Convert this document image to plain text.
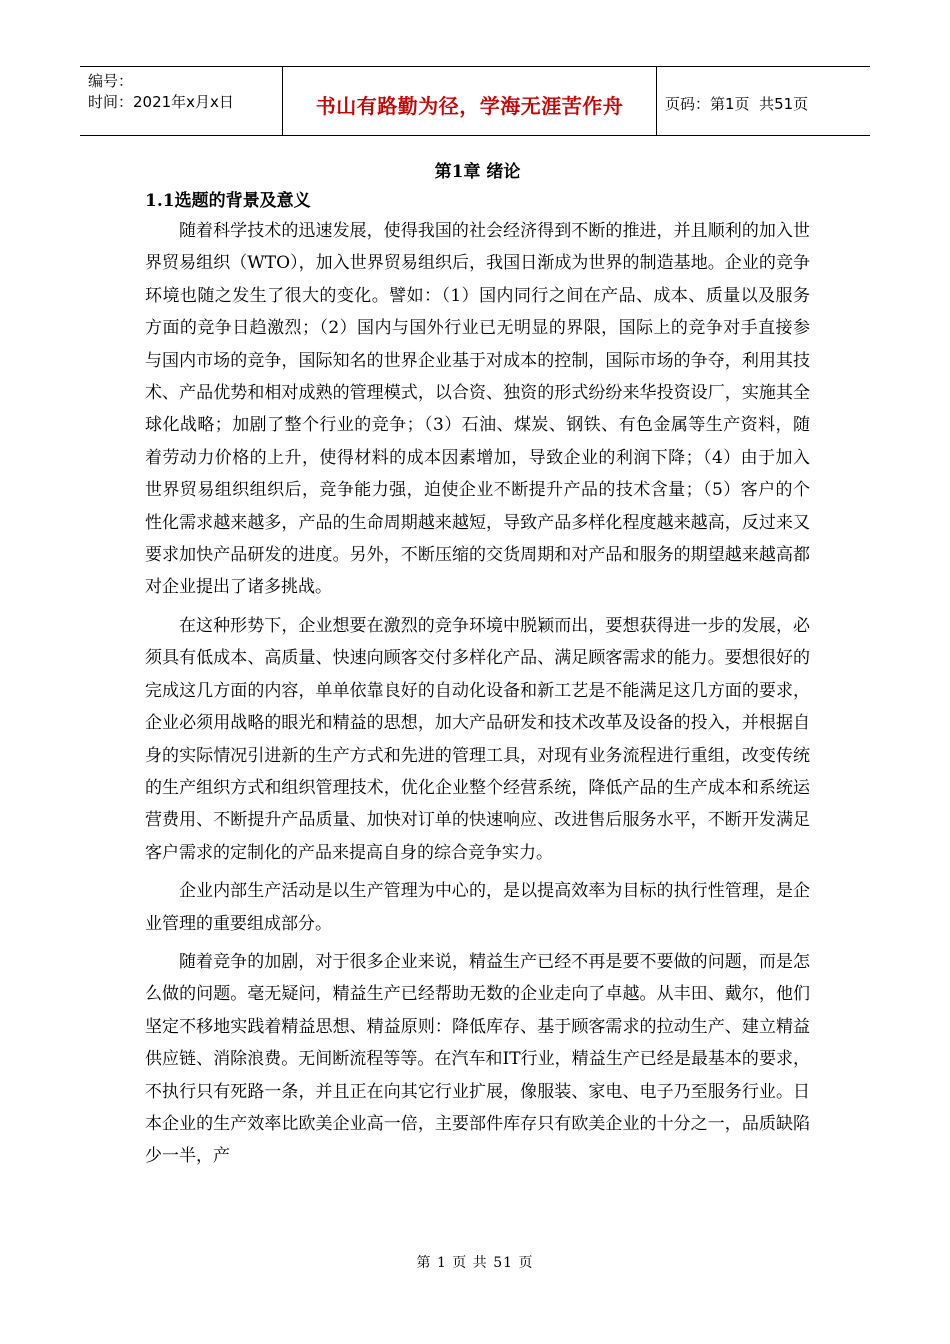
编号：
时间：2021年x月x日	书山有路勤为径，学海无涯苦作舟	页码：第1页  共51页
第1章 绪论
1.1选题的背景及意义

随着科学技术的迅速发展，使得我国的社会经济得到不断的推进，并且顺利的加入世界贸易组织（WTO），加入世界贸易组织后，我国日渐成为世界的制造基地。企业的竞争环境也随之发生了很大的变化。譬如：（1）国内同行之间在产品、成本、质量以及服务方面的竞争日趋激烈；（2）国内与国外行业已无明显的界限，国际上的竞争对手直接参与国内市场的竞争，国际知名的世界企业基于对成本的控制，国际市场的争夺，利用其技术、产品优势和相对成熟的管理模式，以合资、独资的形式纷纷来华投资设厂，实施其全球化战略；加剧了整个行业的竞争；（3）石油、煤炭、钢铁、有色金属等生产资料，随着劳动力价格的上升，使得材料的成本因素增加，导致企业的利润下降；（4）由于加入世界贸易组织组织后，竞争能力强，迫使企业不断提升产品的技术含量；（5）客户的个性化需求越来越多，产品的生命周期越来越短，导致产品多样化程度越来越高，反过来又要求加快产品研发的进度。另外，不断压缩的交货周期和对产品和服务的期望越来越高都对企业提出了诸多挑战。

在这种形势下，企业想要在激烈的竞争环境中脱颖而出，要想获得进一步的发展，必须具有低成本、高质量、快速向顾客交付多样化产品、满足顾客需求的能力。要想很好的完成这几方面的内容，单单依靠良好的自动化设备和新工艺是不能满足这几方面的要求，企业必须用战略的眼光和精益的思想，加大产品研发和技术改革及设备的投入，并根据自身的实际情况引进新的生产方式和先进的管理工具，对现有业务流程进行重组，改变传统的生产组织方式和组织管理技术，优化企业整个经营系统，降低产品的生产成本和系统运营费用、不断提升产品质量、加快对订单的快速响应、改进售后服务水平，不断开发满足客户需求的定制化的产品来提高自身的综合竞争实力。

企业内部生产活动是以生产管理为中心的，是以提高效率为目标的执行性管理，是企业管理的重要组成部分。

随着竞争的加剧，对于很多企业来说，精益生产已经不再是要不要做的问题，而是怎么做的问题。毫无疑问，精益生产已经帮助无数的企业走向了卓越。从丰田、戴尔，他们坚定不移地实践着精益思想、精益原则：降低库存、基于顾客需求的拉动生产、建立精益供应链、消除浪费。无间断流程等等。在汽车和IT行业，精益生产已经是最基本的要求，不执行只有死路一条，并且正在向其它行业扩展，像服装、家电、电子乃至服务行业。日本企业的生产效率比欧美企业高一倍，主要部件库存只有欧美企业的十分之一，品质缺陷少一半，产

第 1 页 共 51 页
